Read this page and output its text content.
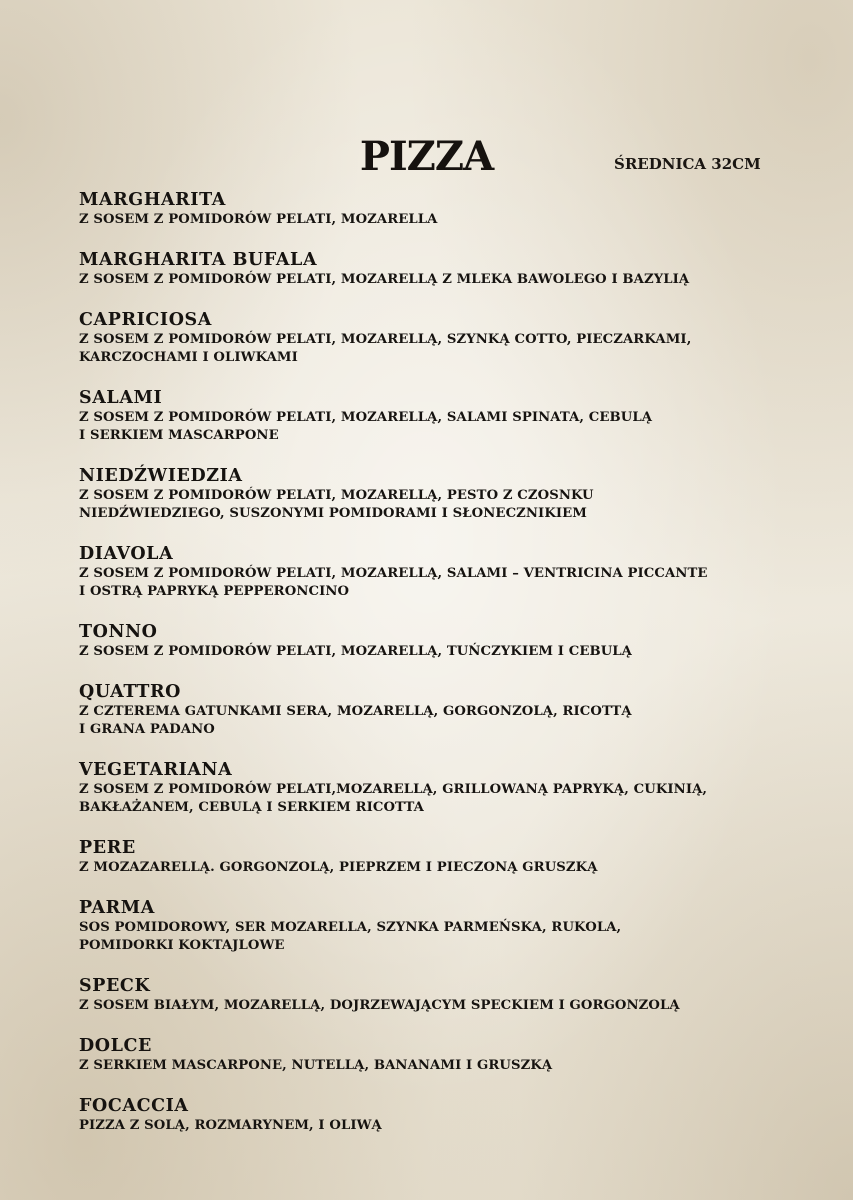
PIZZA	ŚREDNICA 32CM
MARGHARITA
Z SOSEM Z POMIDORÓW PELATI, MOZARELLA
MARGHARITA BUFALA
Z SOSEM Z POMIDORÓW PELATI, MOZARELLĄ Z MLEKA BAWOLEGO I BAZYLIĄ
CAPRICIOSA
Z SOSEM Z POMIDORÓW PELATI, MOZARELLĄ, SZYNKĄ COTTO, PIECZARKAMI,
KARCZOCHAMI I OLIWKAMI
SALAMI
Z SOSEM Z POMIDORÓW PELATI, MOZARELLĄ, SALAMI SPINATA, CEBULĄ
I SERKIEM MASCARPONE
NIEDŹWIEDZIA
Z SOSEM Z POMIDORÓW PELATI, MOZARELLĄ, PESTO Z CZOSNKU
NIEDŹWIEDZIEGO, SUSZONYMI POMIDORAMI I SŁONECZNIKIEM
DIAVOLA
Z SOSEM Z POMIDORÓW PELATI, MOZARELLĄ, SALAMI – VENTRICINA PICCANTE
I OSTRĄ PAPRYKĄ PEPPERONCINO
TONNO
Z SOSEM Z POMIDORÓW PELATI, MOZARELLĄ, TUŃCZYKIEM I CEBULĄ
QUATTRO
Z CZTEREMA GATUNKAMI SERA, MOZARELLĄ, GORGONZOLĄ, RICOTTĄ
I GRANA PADANO
VEGETARIANA
Z SOSEM Z POMIDORÓW PELATI,MOZARELLĄ, GRILLOWANĄ PAPRYKĄ, CUKINIĄ,
BAKŁAŻANEM, CEBULĄ I SERKIEM RICOTTA
PERE
Z MOZAZARELLĄ. GORGONZOLĄ, PIEPRZEM I PIECZONĄ GRUSZKĄ
PARMA
SOS POMIDOROWY, SER MOZARELLA, SZYNKA PARMEŃSKA, RUKOLA,
POMIDORKI KOKTAJLOWE
SPECK
Z SOSEM BIAŁYM, MOZARELLĄ, DOJRZEWAJĄCYM SPECKIEM I GORGONZOLĄ
DOLCE
Z SERKIEM MASCARPONE, NUTELLĄ, BANANAMI I GRUSZKĄ
FOCACCIA
PIZZA Z SOLĄ, ROZMARYNEM, I OLIWĄ
